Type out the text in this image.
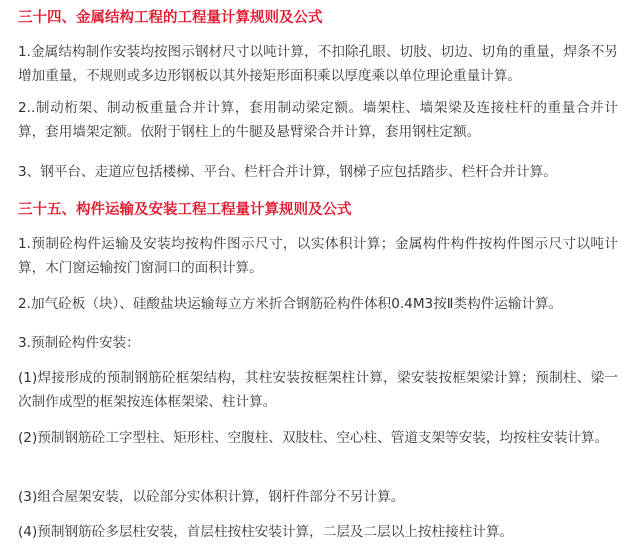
三十四、金属结构工程的工程量计算规则及公式

1.金属结构制作安装均按图示钢材尺寸以吨计算，不扣除孔眼、切肢、切边、切角的重量，焊条不另增加重量，不规则或多边形钢板以其外接矩形面积乘以厚度乘以单位理论重量计算。

2..制动桁架、制动板重量合并计算，套用制动梁定额。墙架柱、墙架梁及连接柱杆的重量合并计算，套用墙架定额。依附于钢柱上的牛腿及悬臂梁合并计算，套用钢柱定额。

3、钢平台、走道应包括楼梯、平台、栏杆合并计算，钢梯子应包括踏步、栏杆合并计算。

三十五、构件运输及安装工程工程量计算规则及公式

1.预制砼构件运输及安装均按构件图示尺寸，以实体积计算；金属构件构件按构件图示尺寸以吨计算，木门窗运输按门窗洞口的面积计算。

2.加气砼板（块）、硅酸盐块运输每立方米折合钢筋砼构件体积0.4M3按Ⅱ类构件运输计算。

3.预制砼构件安装：

(1)焊接形成的预制钢筋砼框架结构，其柱安装按框架柱计算，梁安装按框架梁计算；预制柱、梁一次制作成型的框架按连体框架梁、柱计算。

(2)预制钢筋砼工字型柱、矩形柱、空腹柱、双肢柱、空心柱、管道支架等安装，均按柱安装计算。

(3)组合屋架安装，以砼部分实体积计算，钢杆件部分不另计算。

(4)预制钢筋砼多层柱安装，首层柱按柱安装计算，二层及二层以上按柱接柱计算。
